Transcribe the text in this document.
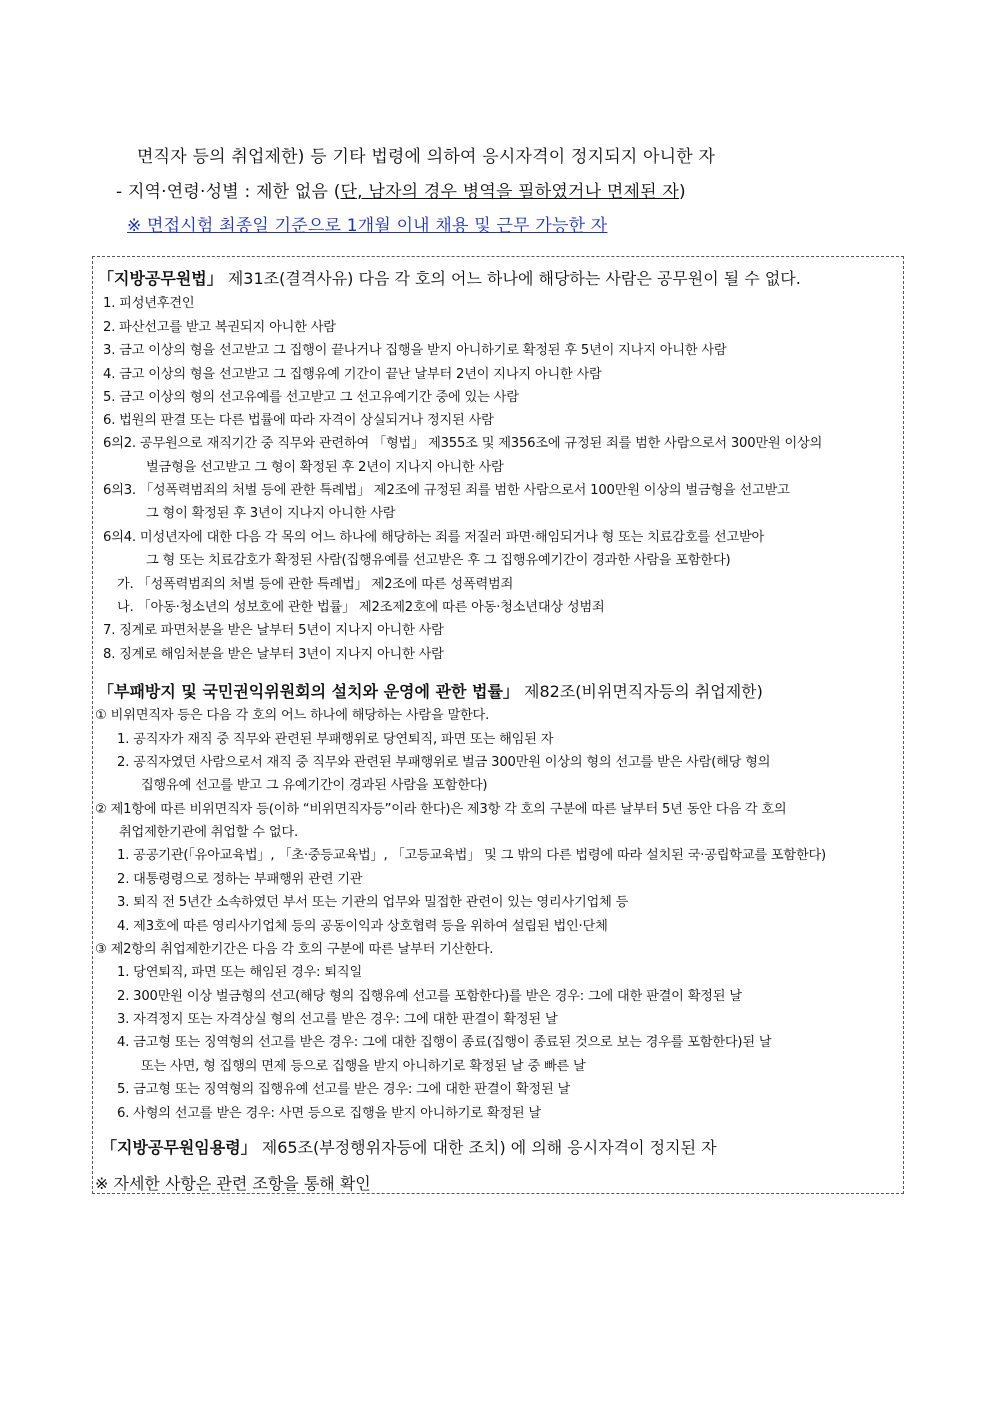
면직자 등의 취업제한) 등 기타 법령에 의하여 응시자격이 정지되지 아니한 자
- 지역·연령·성별 : 제한 없음 (단, 남자의 경우 병역을 필하였거나 면제된 자)
※ 면접시험 최종일 기준으로 1개월 이내 채용 및 근무 가능한 자
「지방공무원법」 제31조(결격사유) 다음 각 호의 어느 하나에 해당하는 사람은 공무원이 될 수 없다.
1. 피성년후견인
2. 파산선고를 받고 복권되지 아니한 사람
3. 금고 이상의 형을 선고받고 그 집행이 끝나거나 집행을 받지 아니하기로 확정된 후 5년이 지나지 아니한 사람
4. 금고 이상의 형을 선고받고 그 집행유예 기간이 끝난 날부터 2년이 지나지 아니한 사람
5. 금고 이상의 형의 선고유예를 선고받고 그 선고유예기간 중에 있는 사람
6. 법원의 판결 또는 다른 법률에 따라 자격이 상실되거나 정지된 사람
6의2. 공무원으로 재직기간 중 직무와 관련하여 「형법」 제355조 및 제356조에 규정된 죄를 범한 사람으로서 300만원 이상의
벌금형을 선고받고 그 형이 확정된 후 2년이 지나지 아니한 사람
6의3. 「성폭력범죄의 처벌 등에 관한 특례법」 제2조에 규정된 죄를 범한 사람으로서 100만원 이상의 벌금형을 선고받고
그 형이 확정된 후 3년이 지나지 아니한 사람
6의4. 미성년자에 대한 다음 각 목의 어느 하나에 해당하는 죄를 저질러 파면·해임되거나 형 또는 치료감호를 선고받아
그 형 또는 치료감호가 확정된 사람(집행유예를 선고받은 후 그 집행유예기간이 경과한 사람을 포함한다)
가. 「성폭력범죄의 처벌 등에 관한 특례법」 제2조에 따른 성폭력범죄
나. 「아동·청소년의 성보호에 관한 법률」 제2조제2호에 따른 아동·청소년대상 성범죄
7. 징계로 파면처분을 받은 날부터 5년이 지나지 아니한 사람
8. 징계로 해임처분을 받은 날부터 3년이 지나지 아니한 사람
「부패방지 및 국민권익위원회의 설치와 운영에 관한 법률」 제82조(비위면직자등의 취업제한)
① 비위면직자 등은 다음 각 호의 어느 하나에 해당하는 사람을 말한다.
1. 공직자가 재직 중 직무와 관련된 부패행위로 당연퇴직, 파면 또는 해임된 자
2. 공직자였던 사람으로서 재직 중 직무와 관련된 부패행위로 벌금 300만원 이상의 형의 선고를 받은 사람(해당 형의
집행유예 선고를 받고 그 유예기간이 경과된 사람을 포함한다)
② 제1항에 따른 비위면직자 등(이하 “비위면직자등”이라 한다)은 제3항 각 호의 구분에 따른 날부터 5년 동안 다음 각 호의
취업제한기관에 취업할 수 없다.
1. 공공기관(「유아교육법」, 「초·중등교육법」, 「고등교육법」 및 그 밖의 다른 법령에 따라 설치된 국·공립학교를 포함한다)
2. 대통령령으로 정하는 부패행위 관련 기관
3. 퇴직 전 5년간 소속하였던 부서 또는 기관의 업무와 밀접한 관련이 있는 영리사기업체 등
4. 제3호에 따른 영리사기업체 등의 공동이익과 상호협력 등을 위하여 설립된 법인·단체
③ 제2항의 취업제한기간은 다음 각 호의 구분에 따른 날부터 기산한다.
1. 당연퇴직, 파면 또는 해임된 경우: 퇴직일
2. 300만원 이상 벌금형의 선고(해당 형의 집행유예 선고를 포함한다)를 받은 경우: 그에 대한 판결이 확정된 날
3. 자격정지 또는 자격상실 형의 선고를 받은 경우: 그에 대한 판결이 확정된 날
4. 금고형 또는 징역형의 선고를 받은 경우: 그에 대한 집행이 종료(집행이 종료된 것으로 보는 경우를 포함한다)된 날
또는 사면, 형 집행의 면제 등으로 집행을 받지 아니하기로 확정된 날 중 빠른 날
5. 금고형 또는 징역형의 집행유예 선고를 받은 경우: 그에 대한 판결이 확정된 날
6. 사형의 선고를 받은 경우: 사면 등으로 집행을 받지 아니하기로 확정된 날
「지방공무원임용령」 제65조(부정행위자등에 대한 조치) 에 의해 응시자격이 정지된 자
※ 자세한 사항은 관련 조항을 통해 확인
